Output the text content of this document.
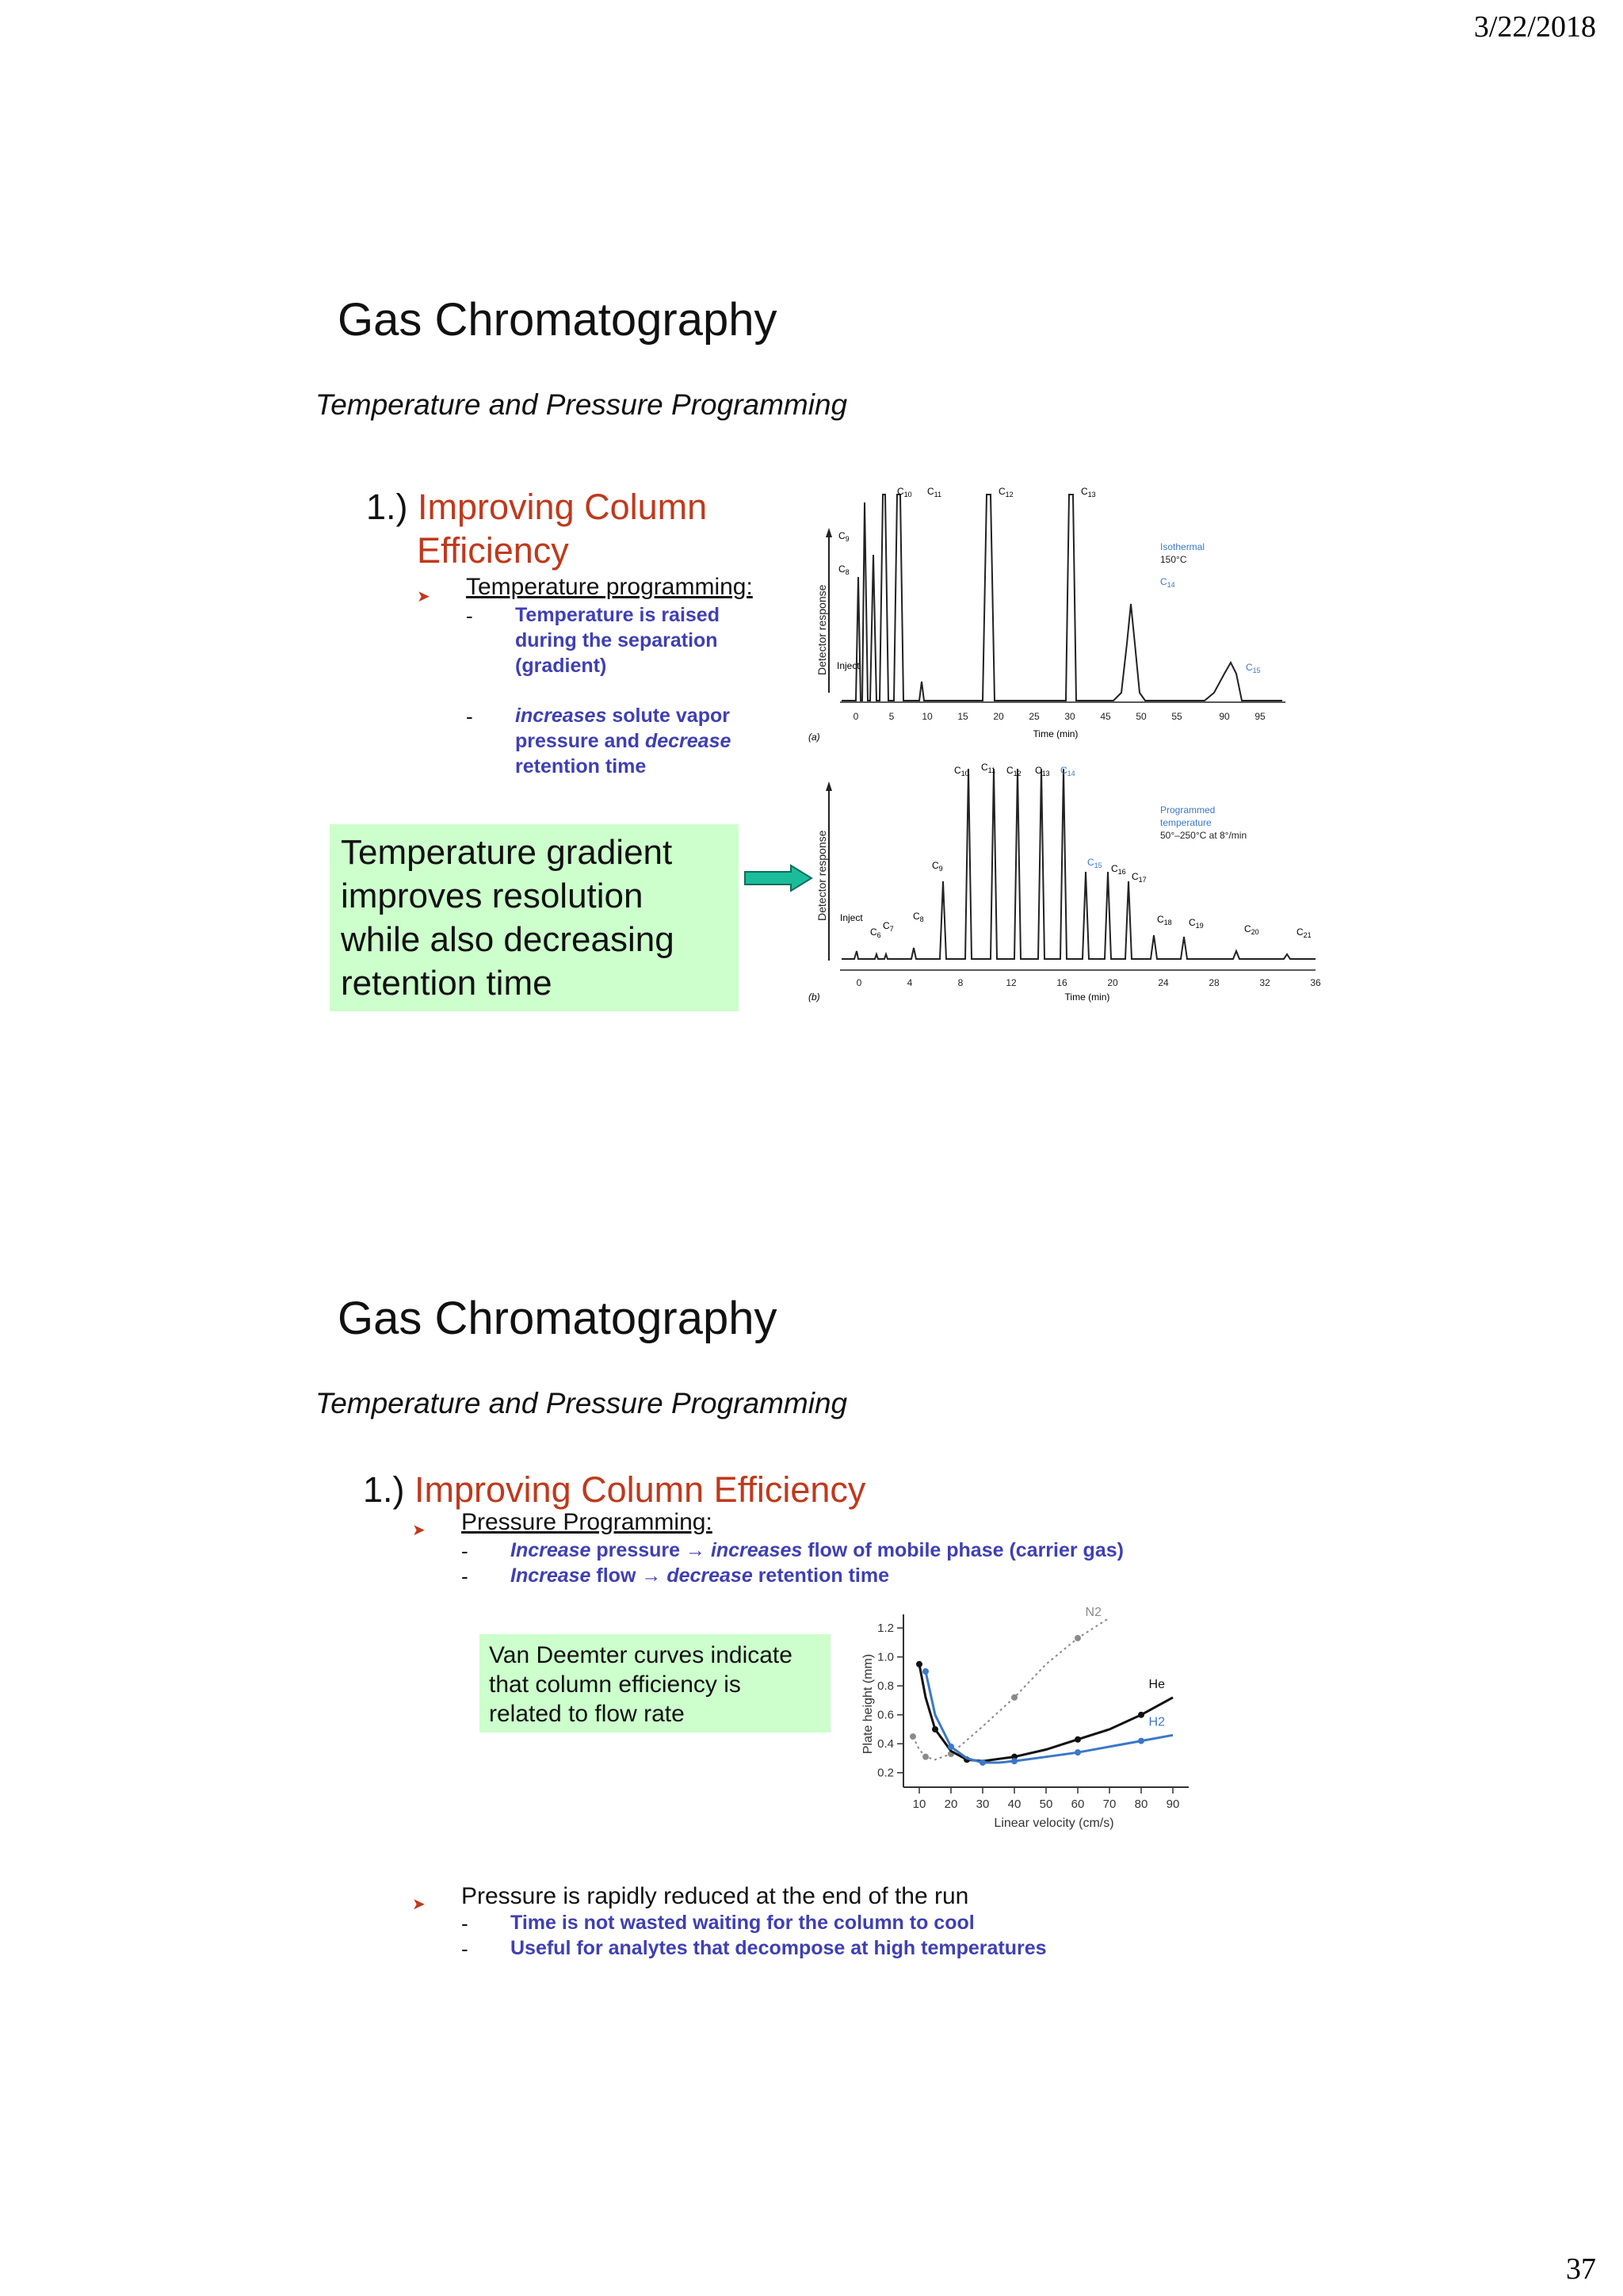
3/22/2018
37
Gas Chromatography
Temperature and Pressure Programming
1.) Improving Column
Efficiency
➤ Temperature programming:
- Temperature is raised during the separation (gradient)
- increases solute vapor pressure and decrease retention time
Temperature gradient
improves resolution
while also decreasing
retention time
Detector response Inject
$C_9$
$C_8$
$C_{10}$ $C_{11}$	$C_{12}$	$C_{13}$
$C_{14}$
$C_{15}$
Isothermal
150°C
0	5	10	15	20	25	30	45	50	55	90	95
Time (min)
(a)
Detector response Inject
$C_6$
$C_7$
$C_8$
$C_9$
$C_{10}$
$C_{11}$ $C_{12}$ $C_{13}$ $C_{14}$
$C_{15}$ $C_{16}$ $C_{17}$
$C_{18}$ $C_{19}$	$C_{20}$	$C_{21}$
Programmed
temperature
50°–250°C at 8°/min
0	4	8	12	16	20	24	28	32	36
Time (min)
(b)
Gas Chromatography
Temperature and Pressure Programming
1.) Improving Column Efficiency
➤ Pressure Programming:
- Increase pressure → increases flow of mobile phase (carrier gas)
- Increase flow → decrease retention time
Van Deemter curves indicate
that column efficiency is
related to flow rate
0.2
0.4
0.6
0.8
1.0
1.2
10 20 30 40 50 60 70 80 90
Linear velocity (cm/s)
Plate height (mm)
N2
He
H2
➤ Pressure is rapidly reduced at the end of the run
- Time is not wasted waiting for the column to cool
- Useful for analytes that decompose at high temperatures
